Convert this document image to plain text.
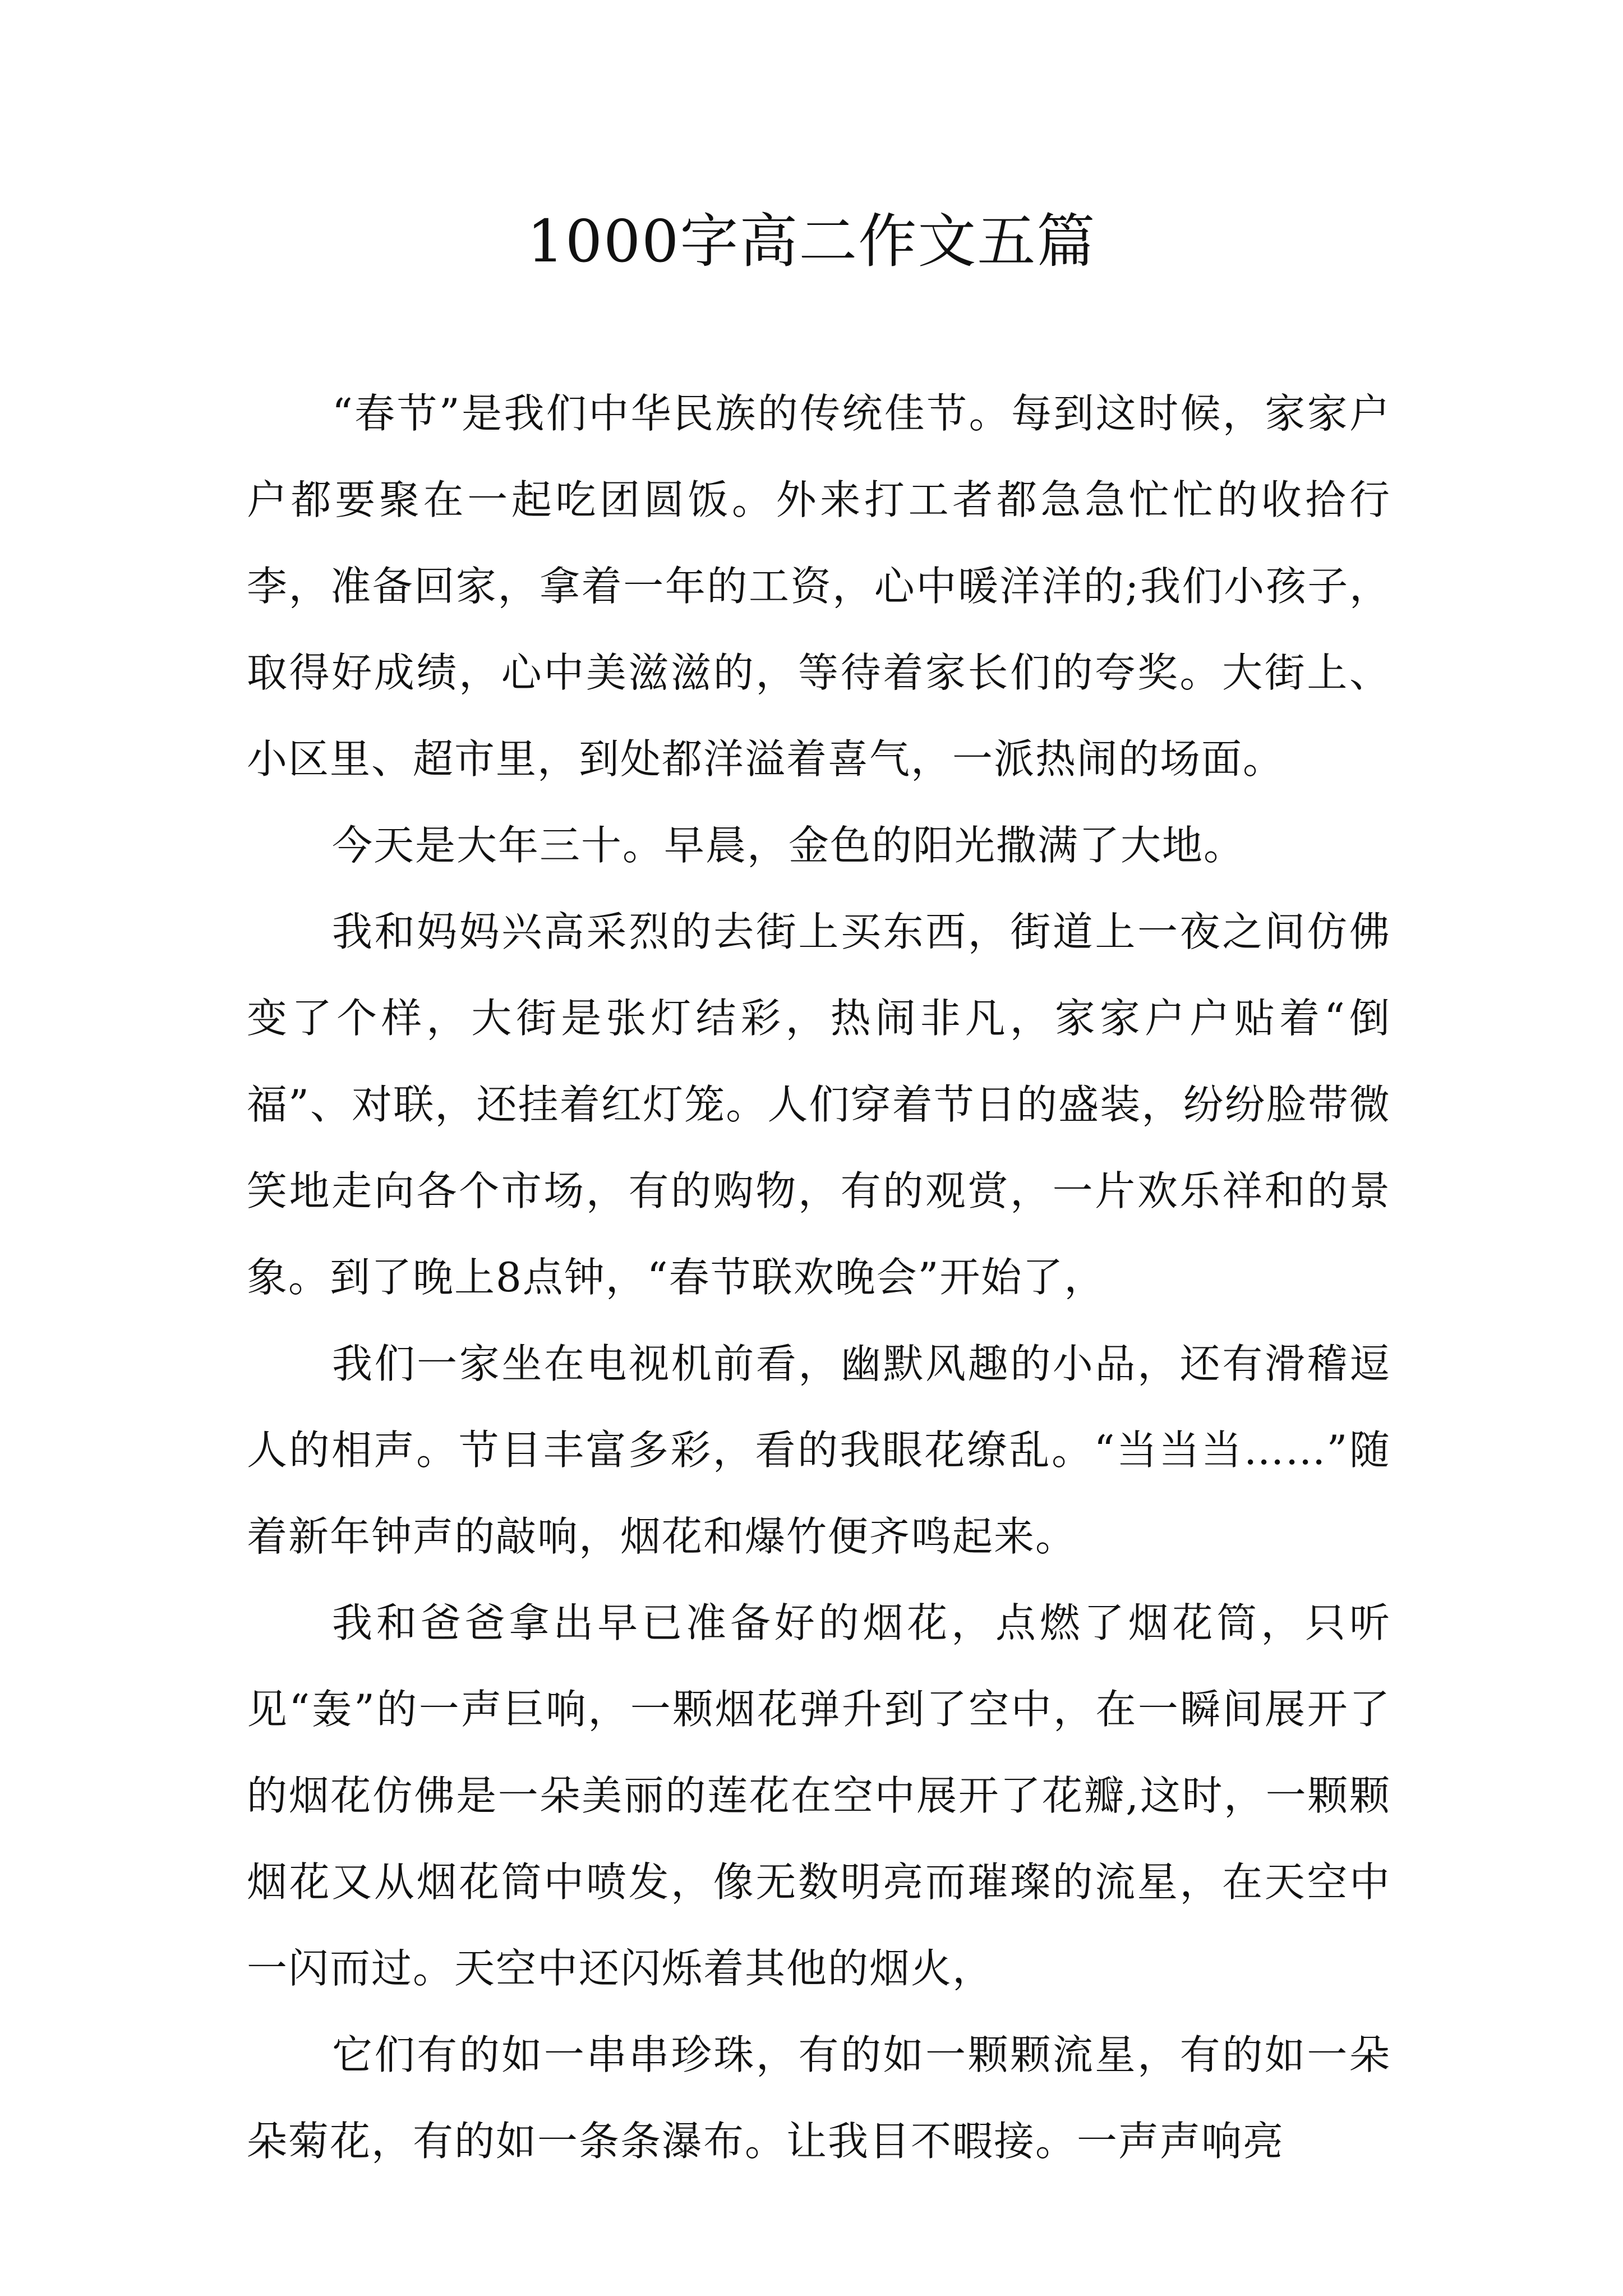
1000字高二作文五篇

“春节”是我们中华民族的传统佳节。每到这时候，家家户户都要聚在一起吃团圆饭。外来打工者都急急忙忙的收拾行李，准备回家，拿着一年的工资，心中暖洋洋的;我们小孩子，取得好成绩，心中美滋滋的，等待着家长们的夸奖。大街上、小区里、超市里，到处都洋溢着喜气，一派热闹的场面。

今天是大年三十。早晨，金色的阳光撒满了大地。

我和妈妈兴高采烈的去街上买东西，街道上一夜之间仿佛变了个样，大街是张灯结彩，热闹非凡，家家户户贴着“倒福”、对联，还挂着红灯笼。人们穿着节日的盛装，纷纷脸带微笑地走向各个市场，有的购物，有的观赏，一片欢乐祥和的景象。到了晚上8点钟，“春节联欢晚会”开始了，

我们一家坐在电视机前看，幽默风趣的小品，还有滑稽逗人的相声。节目丰富多彩，看的我眼花缭乱。“当当当……”随着新年钟声的敲响，烟花和爆竹便齐鸣起来。

我和爸爸拿出早已准备好的烟花，点燃了烟花筒，只听见“轰”的一声巨响，一颗烟花弹升到了空中，在一瞬间展开了的烟花仿佛是一朵美丽的莲花在空中展开了花瓣,这时，一颗颗烟花又从烟花筒中喷发，像无数明亮而璀璨的流星，在天空中一闪而过。天空中还闪烁着其他的烟火，

它们有的如一串串珍珠，有的如一颗颗流星，有的如一朵朵菊花，有的如一条条瀑布。让我目不暇接。一声声响亮
